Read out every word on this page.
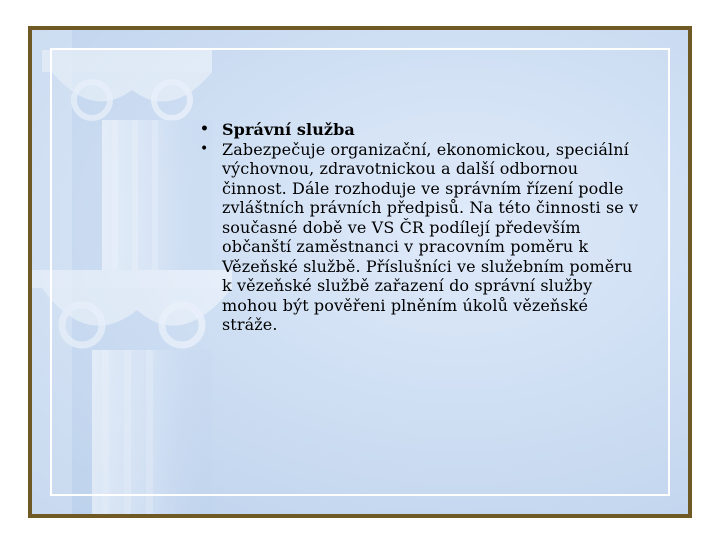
• Správní služba
• Zabezpečuje organizační, ekonomickou, speciální výchovnou, zdravotnickou a další odbornou činnost. Dále rozhoduje ve správním řízení podle zvláštních právních předpisů. Na této činnosti se v současné době ve VS ČR podílejí především občanští zaměstnanci v pracovním poměru k Vězeňské službě. Příslušníci ve služebním poměru k vězeňské službě zařazení do správní služby mohou být pověřeni plněním úkolů vězeňské stráže.
